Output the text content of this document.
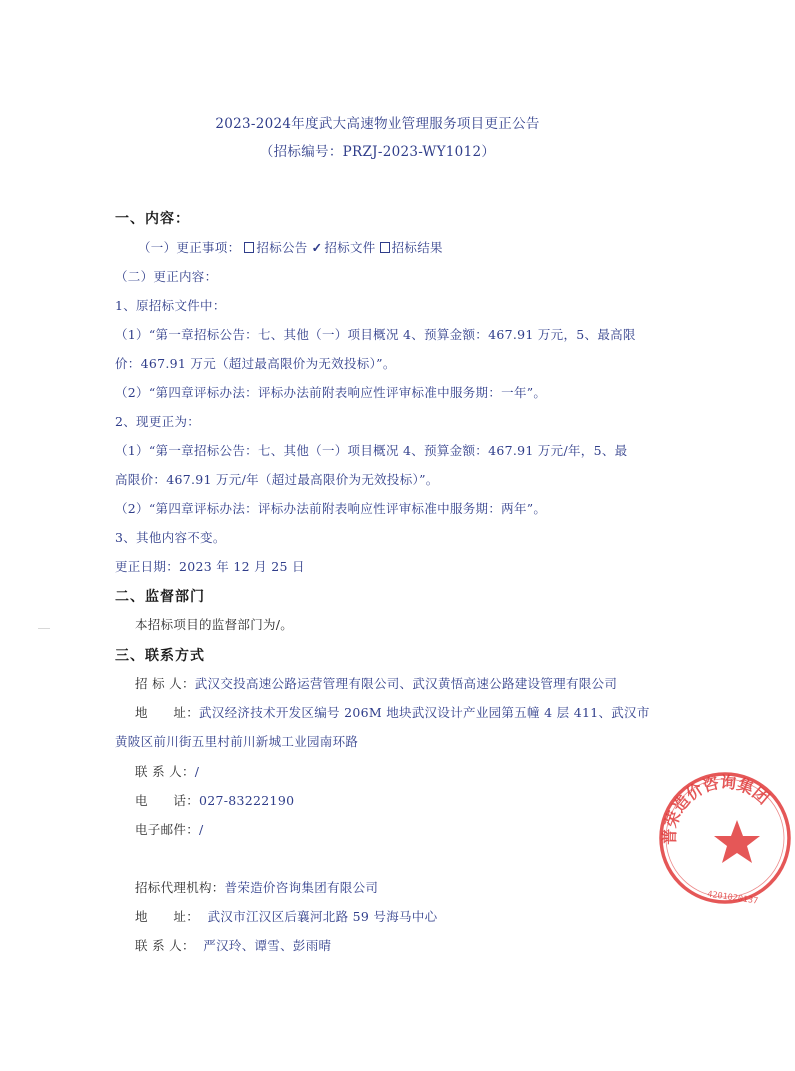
2023-2024年度武大高速物业管理服务项目更正公告
（招标编号：PRZJ-2023-WY1012）
一、内容：
（一）更正事项： 招标公告 ✓ 招标文件 招标结果
（二）更正内容：
1、原招标文件中：
（1）“第一章招标公告：七、其他（一）项目概况 4、预算金额：467.91 万元，5、最高限
价：467.91 万元（超过最高限价为无效投标）”。
（2）“第四章评标办法：评标办法前附表响应性评审标准中服务期：一年”。
2、现更正为：
（1）“第一章招标公告：七、其他（一）项目概况 4、预算金额：467.91 万元/年，5、最
高限价：467.91 万元/年（超过最高限价为无效投标）”。
（2）“第四章评标办法：评标办法前附表响应性评审标准中服务期：两年”。
3、其他内容不变。
更正日期：2023 年 12 月 25 日
二、监督部门
本招标项目的监督部门为/。
三、联系方式
招 标 人：武汉交投高速公路运营管理有限公司、武汉黄悟高速公路建设管理有限公司
地　　址：武汉经济技术开发区编号 206M 地块武汉设计产业园第五幢 4 层 411、武汉市
黄陂区前川街五里村前川新城工业园南环路
联 系 人：/
电　　话：027-83222190
电子邮件：/
招标代理机构：普荣造价咨询集团有限公司
地　　址： 武汉市江汉区后襄河北路 59 号海马中心
联 系 人： 严汉玲、谭雪、彭雨晴
普荣造价咨询集团
4201020137
